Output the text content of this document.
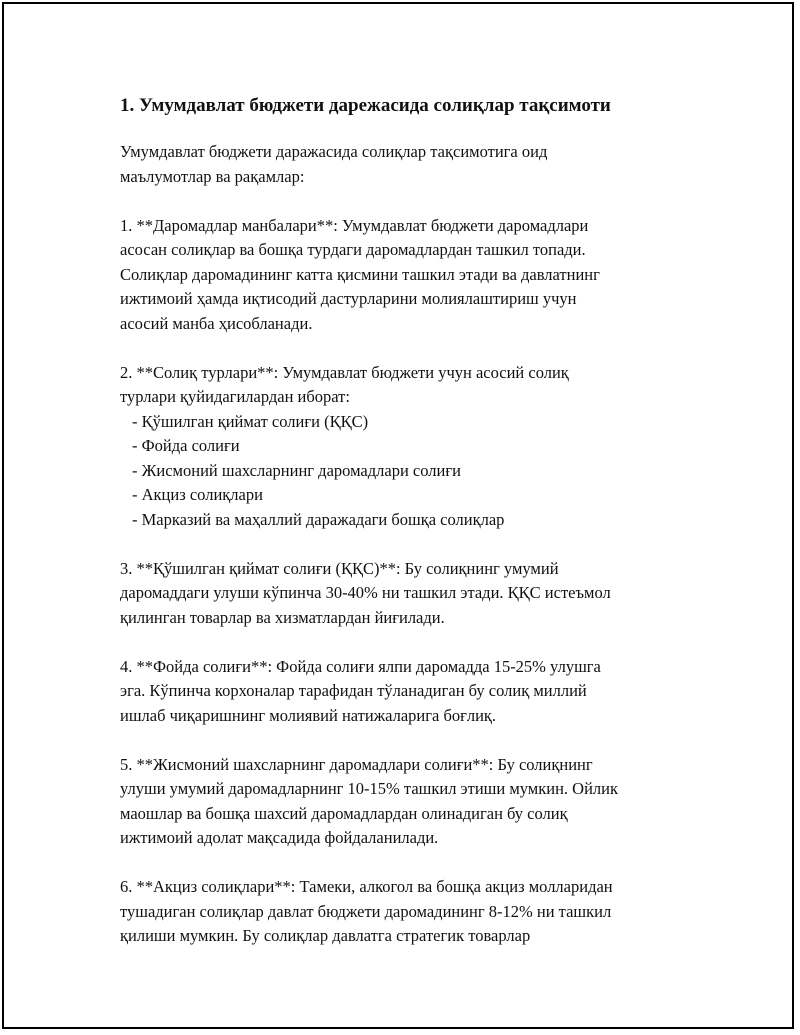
1. Умумдавлат бюджети дарежасида солиқлар тақсимоти

Умумдавлат бюджети даражасида солиқлар тақсимотига оид
маълумотлар ва рақамлар:

1. **Даромадлар манбалари**: Умумдавлат бюджети даромадлари
асосан солиқлар ва бошқа турдаги даромадлардан ташкил топади.
Солиқлар даромадининг катта қисмини ташкил этади ва давлатнинг
ижтимоий ҳамда иқтисодий дастурларини молиялаштириш учун
асосий манба ҳисобланади.

2. **Солиқ турлари**: Умумдавлат бюджети учун асосий солиқ
турлари қуйидагилардан иборат:
- Қўшилган қиймат солиғи (ҚҚС)
- Фойда солиғи
- Жисмоний шахсларнинг даромадлари солиғи
- Акциз солиқлари
- Марказий ва маҳаллий даражадаги бошқа солиқлар

3. **Қўшилган қиймат солиғи (ҚҚС)**: Бу солиқнинг умумий
даромаддаги улуши кўпинча 30-40% ни ташкил этади. ҚҚС истеъмол
қилинган товарлар ва хизматлардан йиғилади.

4. **Фойда солиғи**: Фойда солиғи ялпи даромадда 15-25% улушга
эга. Кўпинча корхоналар тарафидан тўланадиган бу солиқ миллий
ишлаб чиқаришнинг молиявий натижаларига боғлиқ.

5. **Жисмоний шахсларнинг даромадлари солиғи**: Бу солиқнинг
улуши умумий даромадларнинг 10-15% ташкил этиши мумкин. Ойлик
маошлар ва бошқа шахсий даромадлардан олинадиган бу солиқ
ижтимоий адолат мақсадида фойдаланилади.

6. **Акциз солиқлари**: Тамеки, алкогол ва бошқа акциз молларидан
тушадиган солиқлар давлат бюджети даромадининг 8-12% ни ташкил
қилиши мумкин. Бу солиқлар давлатга стратегик товарлар
